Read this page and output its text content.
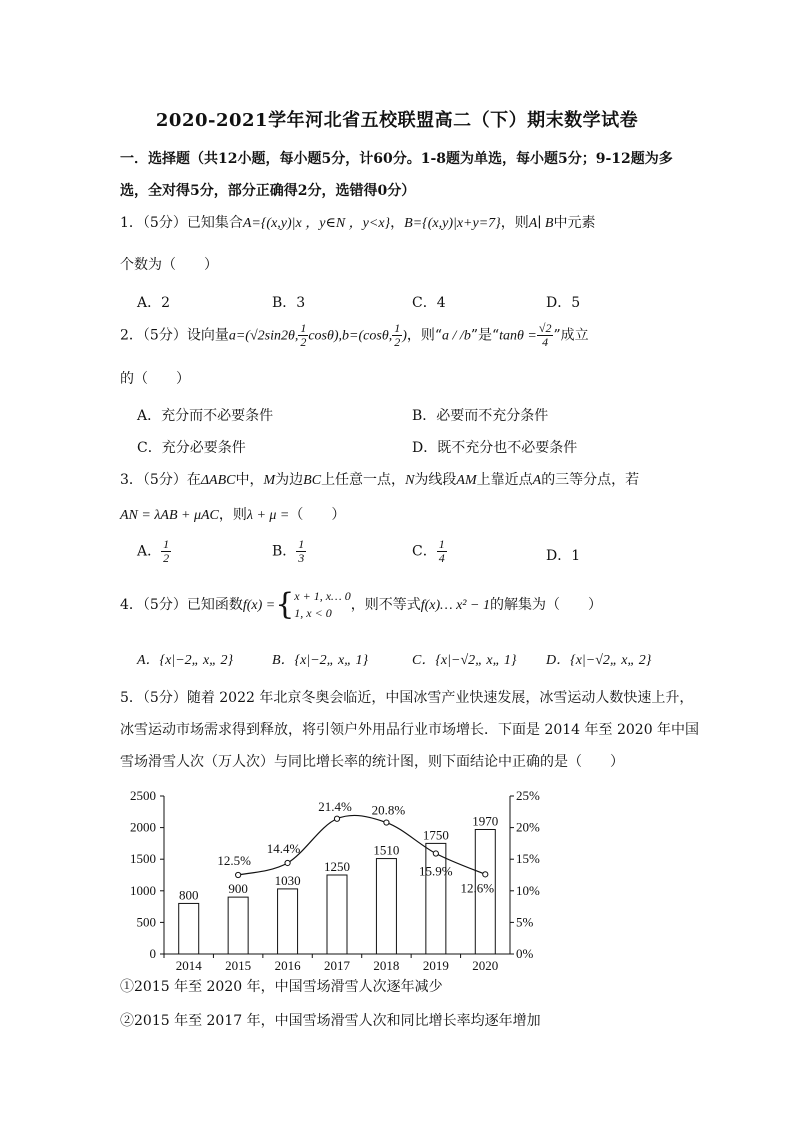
2020-2021学年河北省五校联盟高二（下）期末数学试卷
一．选择题（共12小题，每小题5分，计60分。1-8题为单选，每小题5分；9-12题为多
选，全对得5分，部分正确得2分，选错得0分）
1．（5分）已知集合A={(x,y)|x ，y∈N ，y<x}，B={(x,y)|x+y=7}，则A∣ B中元素
个数为（　　）
A．2	B．3	C．4	D．5
2．（5分）设向量a=(√2sin2θ, $\frac{1}{2} \cos\theta),b=(\cos\theta$, $\frac{1}{2}$ )，则“a / /b”是“$\tan\theta = \frac{√2}{4}$ ”成立
的（　　）
A．充分而不必要条件	B．必要而不充分条件
C．充分必要条件	D．既不充分也不必要条件
3．（5分）在ΔABC中，M为边BC上任意一点，N为线段AM上靠近点A的三等分点，若
AN = λAB + μAC，则λ + μ =（　　）
A． $\frac{1}{2}$	B． $\frac{1}{3}$	C． $\frac{1}{4}$	D．1
4．（5分）已知函数f(x) ={ x + 1, x… 0
1, x < 0	，则不等式f(x)… x² − 1的解集为（　　）
A．{x|−2„ x„ 2}	B．{x|−2„ x„ 1}	C．{x|−√2„ x„ 1} D．{x|−√2„ x„ 2}
5．（5分）随着 2022 年北京冬奥会临近，中国冰雪产业快速发展，冰雪运动人数快速上升，
冰雪运动市场需求得到释放，将引领户外用品行业市场增长．下面是 2014 年至 2020 年中国
雪场滑雪人次（万人次）与同比增长率的统计图，则下面结论中正确的是（　　）
0
500
1000
1500
2000
2500
0%
5%
10%
15%
20%
25%
800 900
1030
1250
1510
1750
1970
2014 2015 2016 2017 2018 2019 2020
12.5%
14.4%
21.4% 20.8%
15.9%
12.6%
①2015 年至 2020 年，中国雪场滑雪人次逐年减少
②2015 年至 2017 年，中国雪场滑雪人次和同比增长率均逐年增加
